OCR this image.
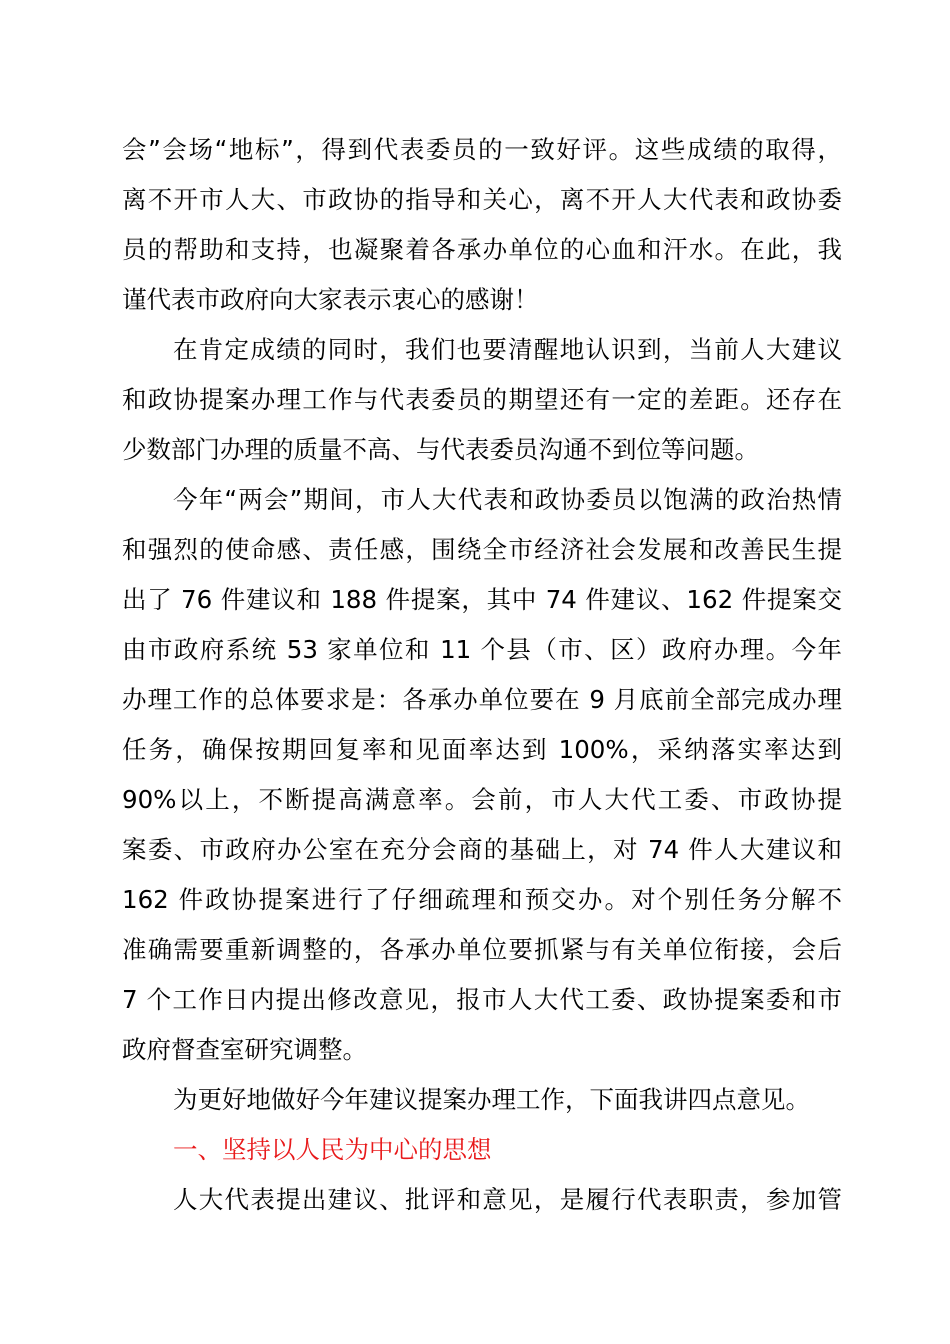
会”会场“地标”，得到代表委员的一致好评。这些成绩的取得，
离不开市人大、市政协的指导和关心，离不开人大代表和政协委
员的帮助和支持，也凝聚着各承办单位的心血和汗水。在此，我
谨代表市政府向大家表示衷心的感谢！
在肯定成绩的同时，我们也要清醒地认识到，当前人大建议
和政协提案办理工作与代表委员的期望还有一定的差距。还存在
少数部门办理的质量不高、与代表委员沟通不到位等问题。
今年“两会”期间，市人大代表和政协委员以饱满的政治热情
和强烈的使命感、责任感，围绕全市经济社会发展和改善民生提
出了 76 件建议和 188 件提案，其中 74 件建议、162 件提案交
由市政府系统 53 家单位和 11 个县（市、区）政府办理。今年
办理工作的总体要求是：各承办单位要在 9 月底前全部完成办理
任务，确保按期回复率和见面率达到 100%，采纳落实率达到
90%以上，不断提高满意率。会前，市人大代工委、市政协提
案委、市政府办公室在充分会商的基础上，对 74 件人大建议和
162 件政协提案进行了仔细疏理和预交办。对个别任务分解不
准确需要重新调整的，各承办单位要抓紧与有关单位衔接，会后
7 个工作日内提出修改意见，报市人大代工委、政协提案委和市
政府督查室研究调整。
为更好地做好今年建议提案办理工作，下面我讲四点意见。
一、坚持以人民为中心的思想
人大代表提出建议、批评和意见，是履行代表职责，参加管
